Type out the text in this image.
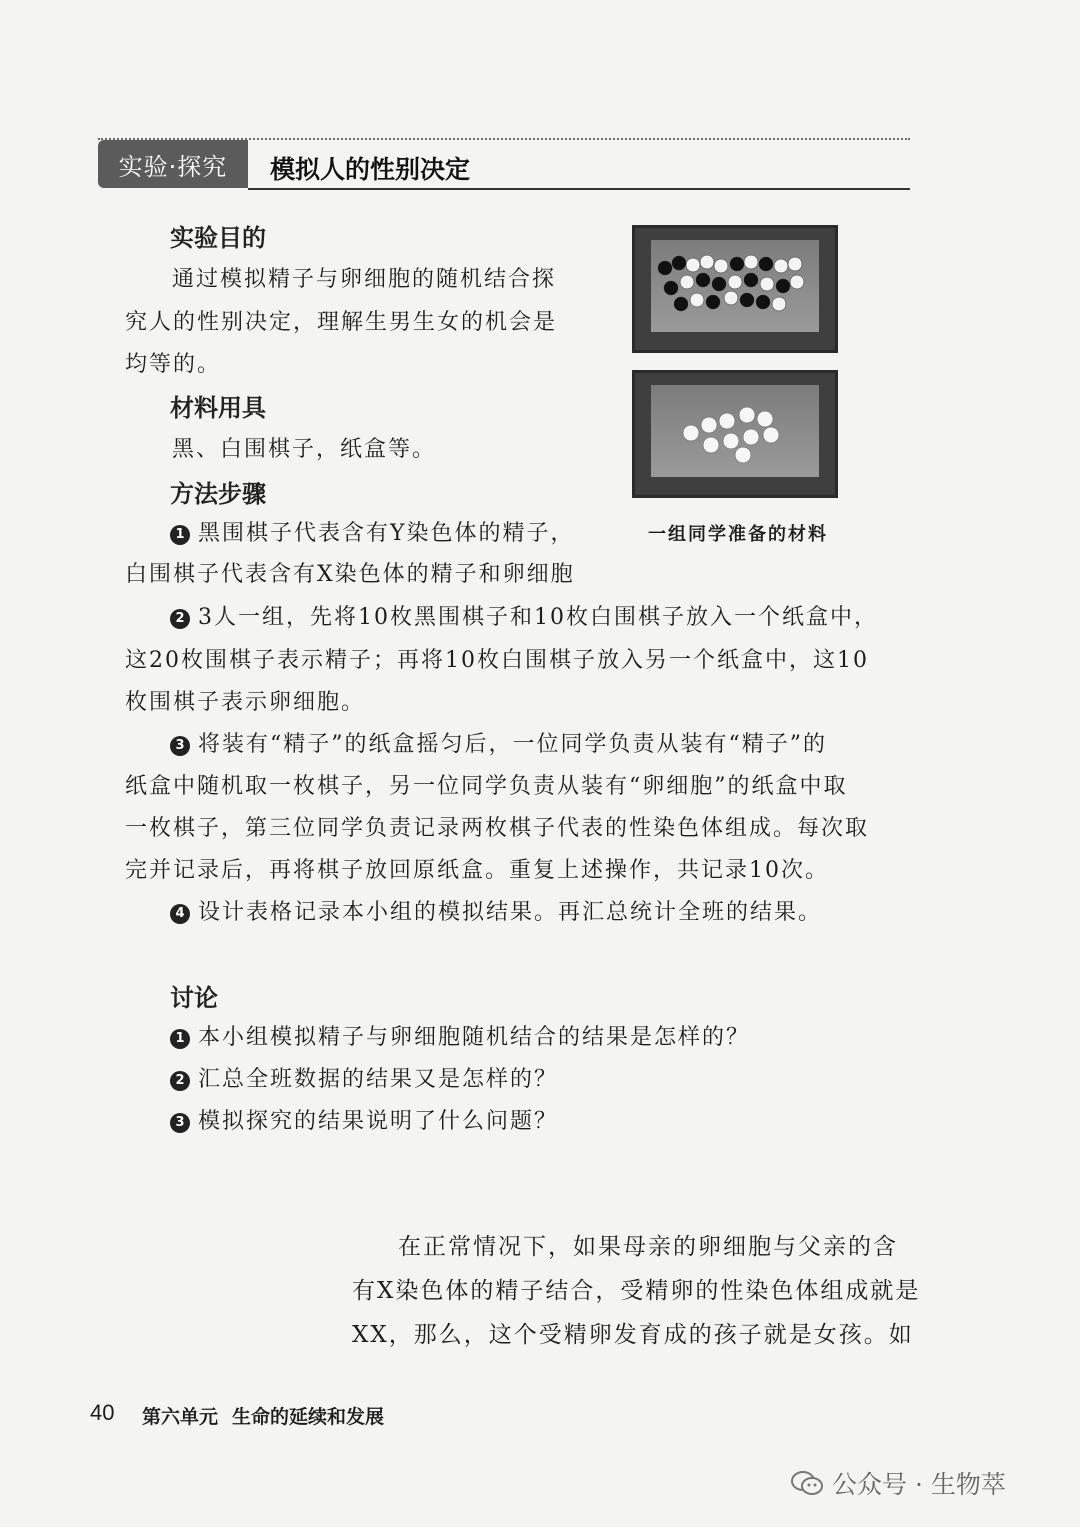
实验·探究	模拟人的性别决定
实验目的
通过模拟精子与卵细胞的随机结合探
究人的性别决定，理解生男生女的机会是
均等的。
材料用具
黑、白围棋子，纸盒等。
方法步骤
1 黑围棋子代表含有Y染色体的精子，
白围棋子代表含有X染色体的精子和卵细胞
2 3人一组，先将10枚黑围棋子和10枚白围棋子放入一个纸盒中，
这20枚围棋子表示精子；再将10枚白围棋子放入另一个纸盒中，这10
枚围棋子表示卵细胞。
3 将装有“精子”的纸盒摇匀后，一位同学负责从装有“精子”的
纸盒中随机取一枚棋子，另一位同学负责从装有“卵细胞”的纸盒中取
一枚棋子，第三位同学负责记录两枚棋子代表的性染色体组成。每次取
完并记录后，再将棋子放回原纸盒。重复上述操作，共记录10次。
4 设计表格记录本小组的模拟结果。再汇总统计全班的结果。
讨论
1 本小组模拟精子与卵细胞随机结合的结果是怎样的？
2 汇总全班数据的结果又是怎样的？
3 模拟探究的结果说明了什么问题？
在正常情况下，如果母亲的卵细胞与父亲的含
有X染色体的精子结合，受精卵的性染色体组成就是
XX，那么，这个受精卵发育成的孩子就是女孩。如
一组同学准备的材料
40 第六单元 生命的延续和发展
公众号 · 生物萃
